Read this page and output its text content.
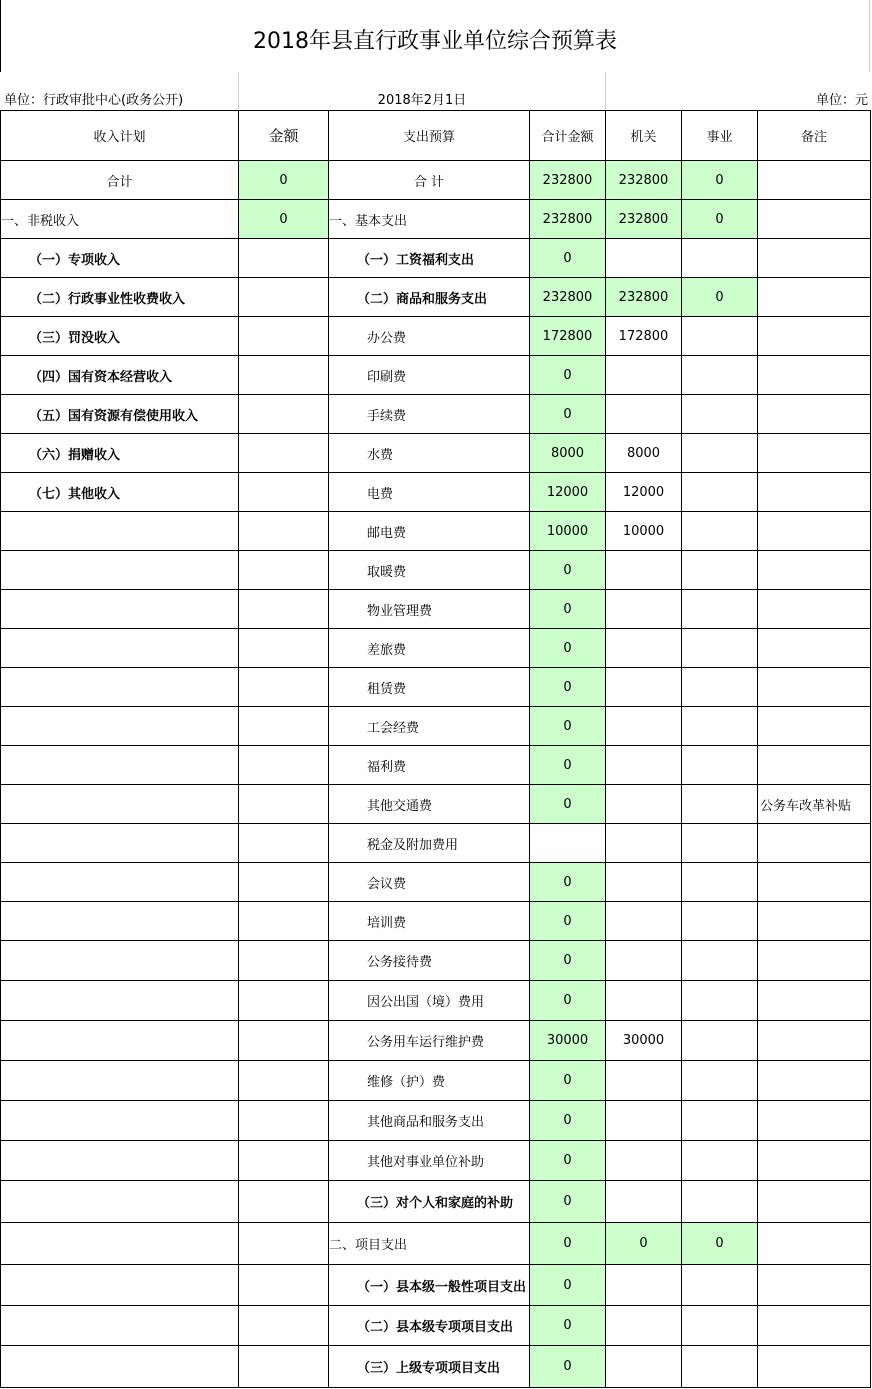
2018年县直行政事业单位综合预算表
单位：行政审批中心(政务公开)	2018年2月1日	单位：元
收入计划	金额	支出预算	合计金额	机关	事业	备注
合计	0	合 计	232800	232800	0	
一、非税收入	0	一、基本支出	232800	232800	0	
（一）专项收入		（一）工资福利支出	0			
（二）行政事业性收费收入		（二）商品和服务支出	232800	232800	0	
（三）罚没收入		办公费	172800	172800		
（四）国有资本经营收入		印刷费	0			
（五）国有资源有偿使用收入		手续费	0			
（六）捐赠收入		水费	8000	8000		
（七）其他收入		电费	12000	12000		
		邮电费	10000	10000		
		取暖费	0			
		物业管理费	0			
		差旅费	0			
		租赁费	0			
		工会经费	0			
		福利费	0			
		其他交通费	0			公务车改革补贴
		税金及附加费用				
		会议费	0			
		培训费	0			
		公务接待费	0			
		因公出国（境）费用	0			
		公务用车运行维护费	30000	30000		
		维修（护）费	0			
		其他商品和服务支出	0			
		其他对事业单位补助	0			
		（三）对个人和家庭的补助	0			
		二、项目支出	0	0	0	
		（一）县本级一般性项目支出	0			
		（二）县本级专项项目支出	0			
		（三）上级专项项目支出	0			
